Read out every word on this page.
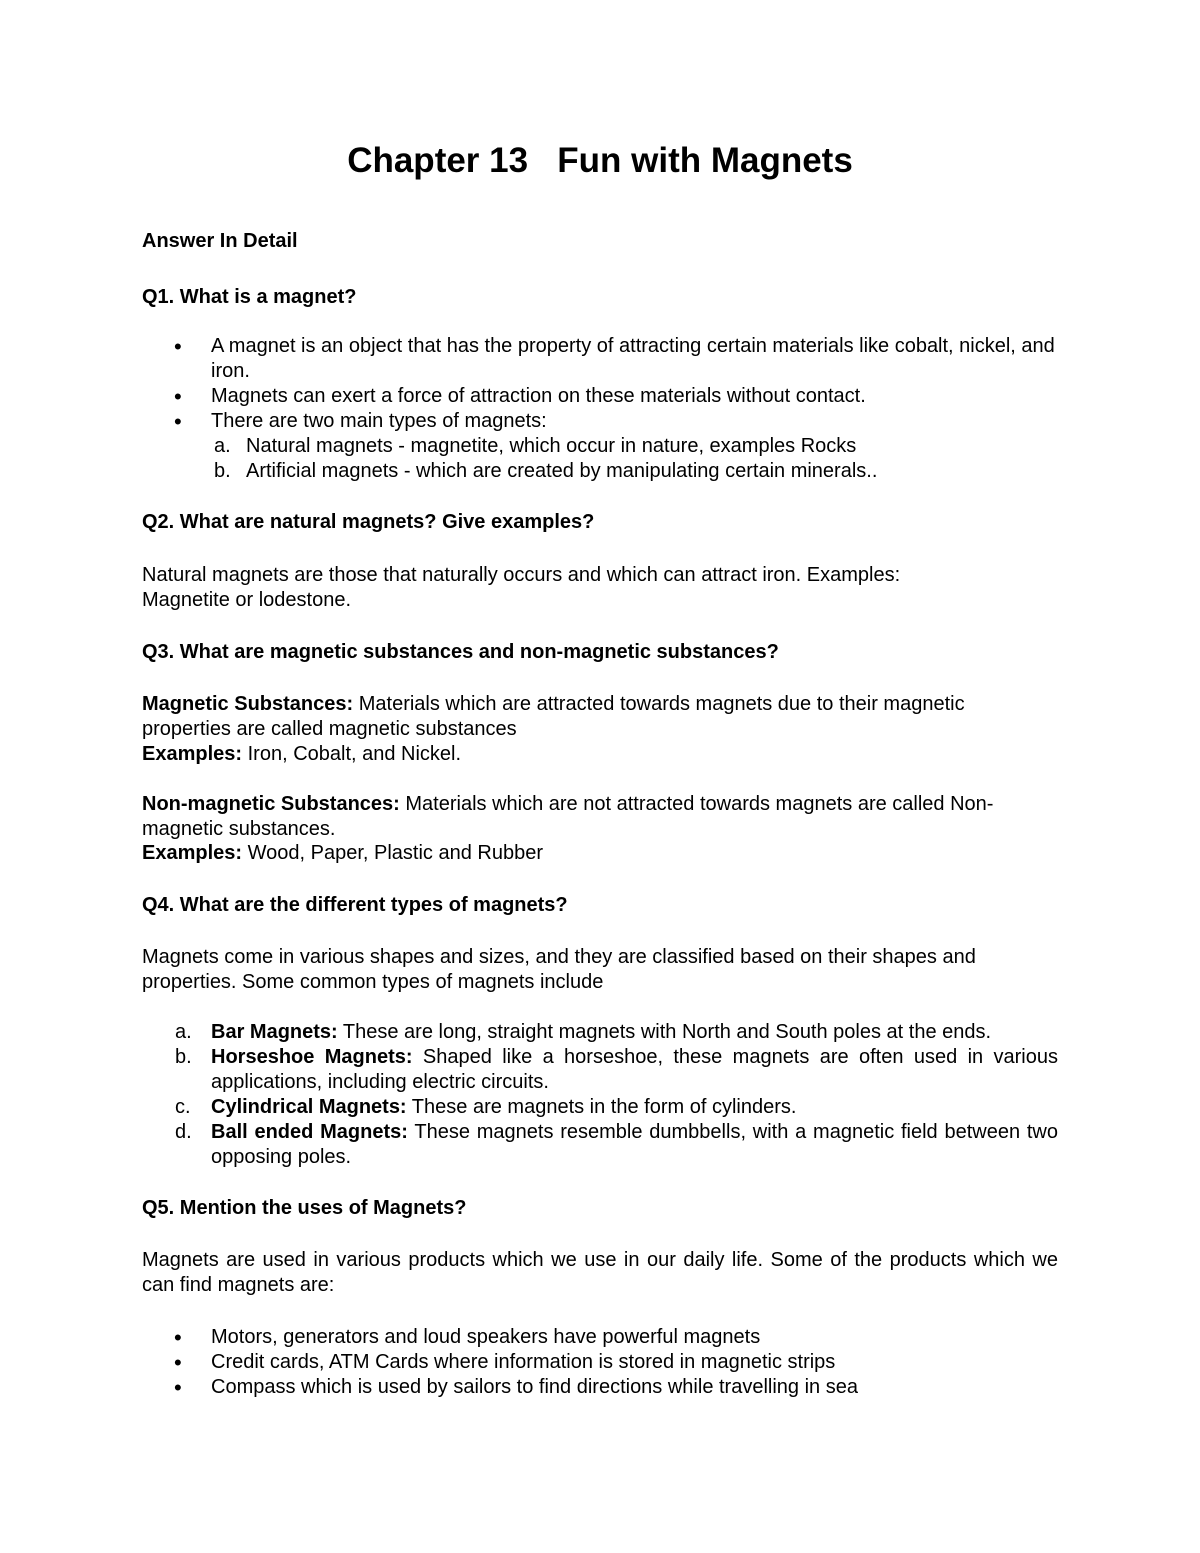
Chapter 13   Fun with Magnets
Answer In Detail
Q1. What is a magnet?
• A magnet is an object that has the property of attracting certain materials like cobalt, nickel, and iron.
• Magnets can exert a force of attraction on these materials without contact.
• There are two main types of magnets:
a. Natural magnets - magnetite, which occur in nature, examples Rocks
b. Artificial magnets - which are created by manipulating certain minerals..
Q2. What are natural magnets? Give examples?
Natural magnets are those that naturally occurs and which can attract iron. Examples: Magnetite or lodestone.
Q3. What are magnetic substances and non-magnetic substances?
Magnetic Substances: Materials which are attracted towards magnets due to their magnetic properties are called magnetic substances
Examples: Iron, Cobalt, and Nickel.
Non-magnetic Substances: Materials which are not attracted towards magnets are called Non-magnetic substances.
Examples: Wood, Paper, Plastic and Rubber
Q4. What are the different types of magnets?
Magnets come in various shapes and sizes, and they are classified based on their shapes and properties. Some common types of magnets include
a. Bar Magnets: These are long, straight magnets with North and South poles at the ends.
b. Horseshoe Magnets: Shaped like a horseshoe, these magnets are often used in various applications, including electric circuits.
c. Cylindrical Magnets: These are magnets in the form of cylinders.
d. Ball ended Magnets: These magnets resemble dumbbells, with a magnetic field between two opposing poles.
Q5. Mention the uses of Magnets?
Magnets are used in various products which we use in our daily life. Some of the products which we can find magnets are:
• Motors, generators and loud speakers have powerful magnets
• Credit cards, ATM Cards where information is stored in magnetic strips
• Compass which is used by sailors to find directions while travelling in sea
